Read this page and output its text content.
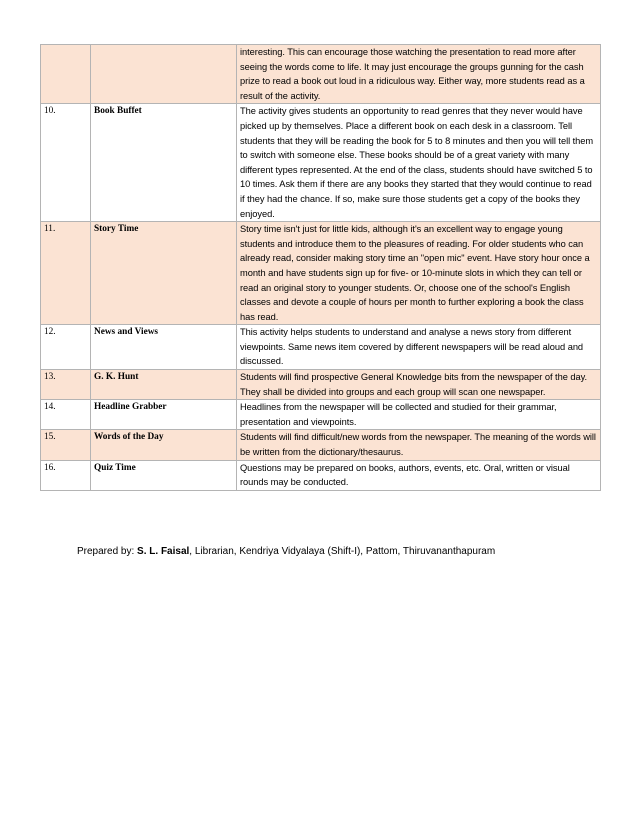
		interesting. This can encourage those watching the presentation to read more after seeing the words come to life. It may just encourage the groups gunning for the cash prize to read a book out loud in a ridiculous way. Either way, more students read as a result of the activity.
10.	Book Buffet	The activity gives students an opportunity to read genres that they never would have picked up by themselves. Place a different book on each desk in a classroom. Tell students that they will be reading the book for 5 to 8 minutes and then you will tell them to switch with someone else. These books should be of a great variety with many different types represented. At the end of the class, students should have switched 5 to 10 times. Ask them if there are any books they started that they would continue to read if they had the chance. If so, make sure those students get a copy of the books they enjoyed.
11.	Story Time	Story time isn't just for little kids, although it's an excellent way to engage young students and introduce them to the pleasures of reading. For older students who can already read, consider making story time an "open mic" event. Have story hour once a month and have students sign up for five- or 10-minute slots in which they can tell or read an original story to younger students. Or, choose one of the school's English classes and devote a couple of hours per month to further exploring a book the class has read.
12.	News and Views	This activity helps students to understand and analyse a news story from different viewpoints. Same news item covered by different newspapers will be read aloud and discussed.
13.	G. K. Hunt	Students will find prospective General Knowledge bits from the newspaper of the day. They shall be divided into groups and each group will scan one newspaper.
14.	Headline Grabber	Headlines from the newspaper will be collected and studied for their grammar, presentation and viewpoints.
15.	Words of the Day	Students will find difficult/new words from the newspaper. The meaning of the words will be written from the dictionary/thesaurus.
16.	Quiz Time	Questions may be prepared on books, authors, events, etc. Oral, written or visual rounds may be conducted.
Prepared by: S. L. Faisal, Librarian, Kendriya Vidyalaya (Shift-I), Pattom, Thiruvananthapuram
